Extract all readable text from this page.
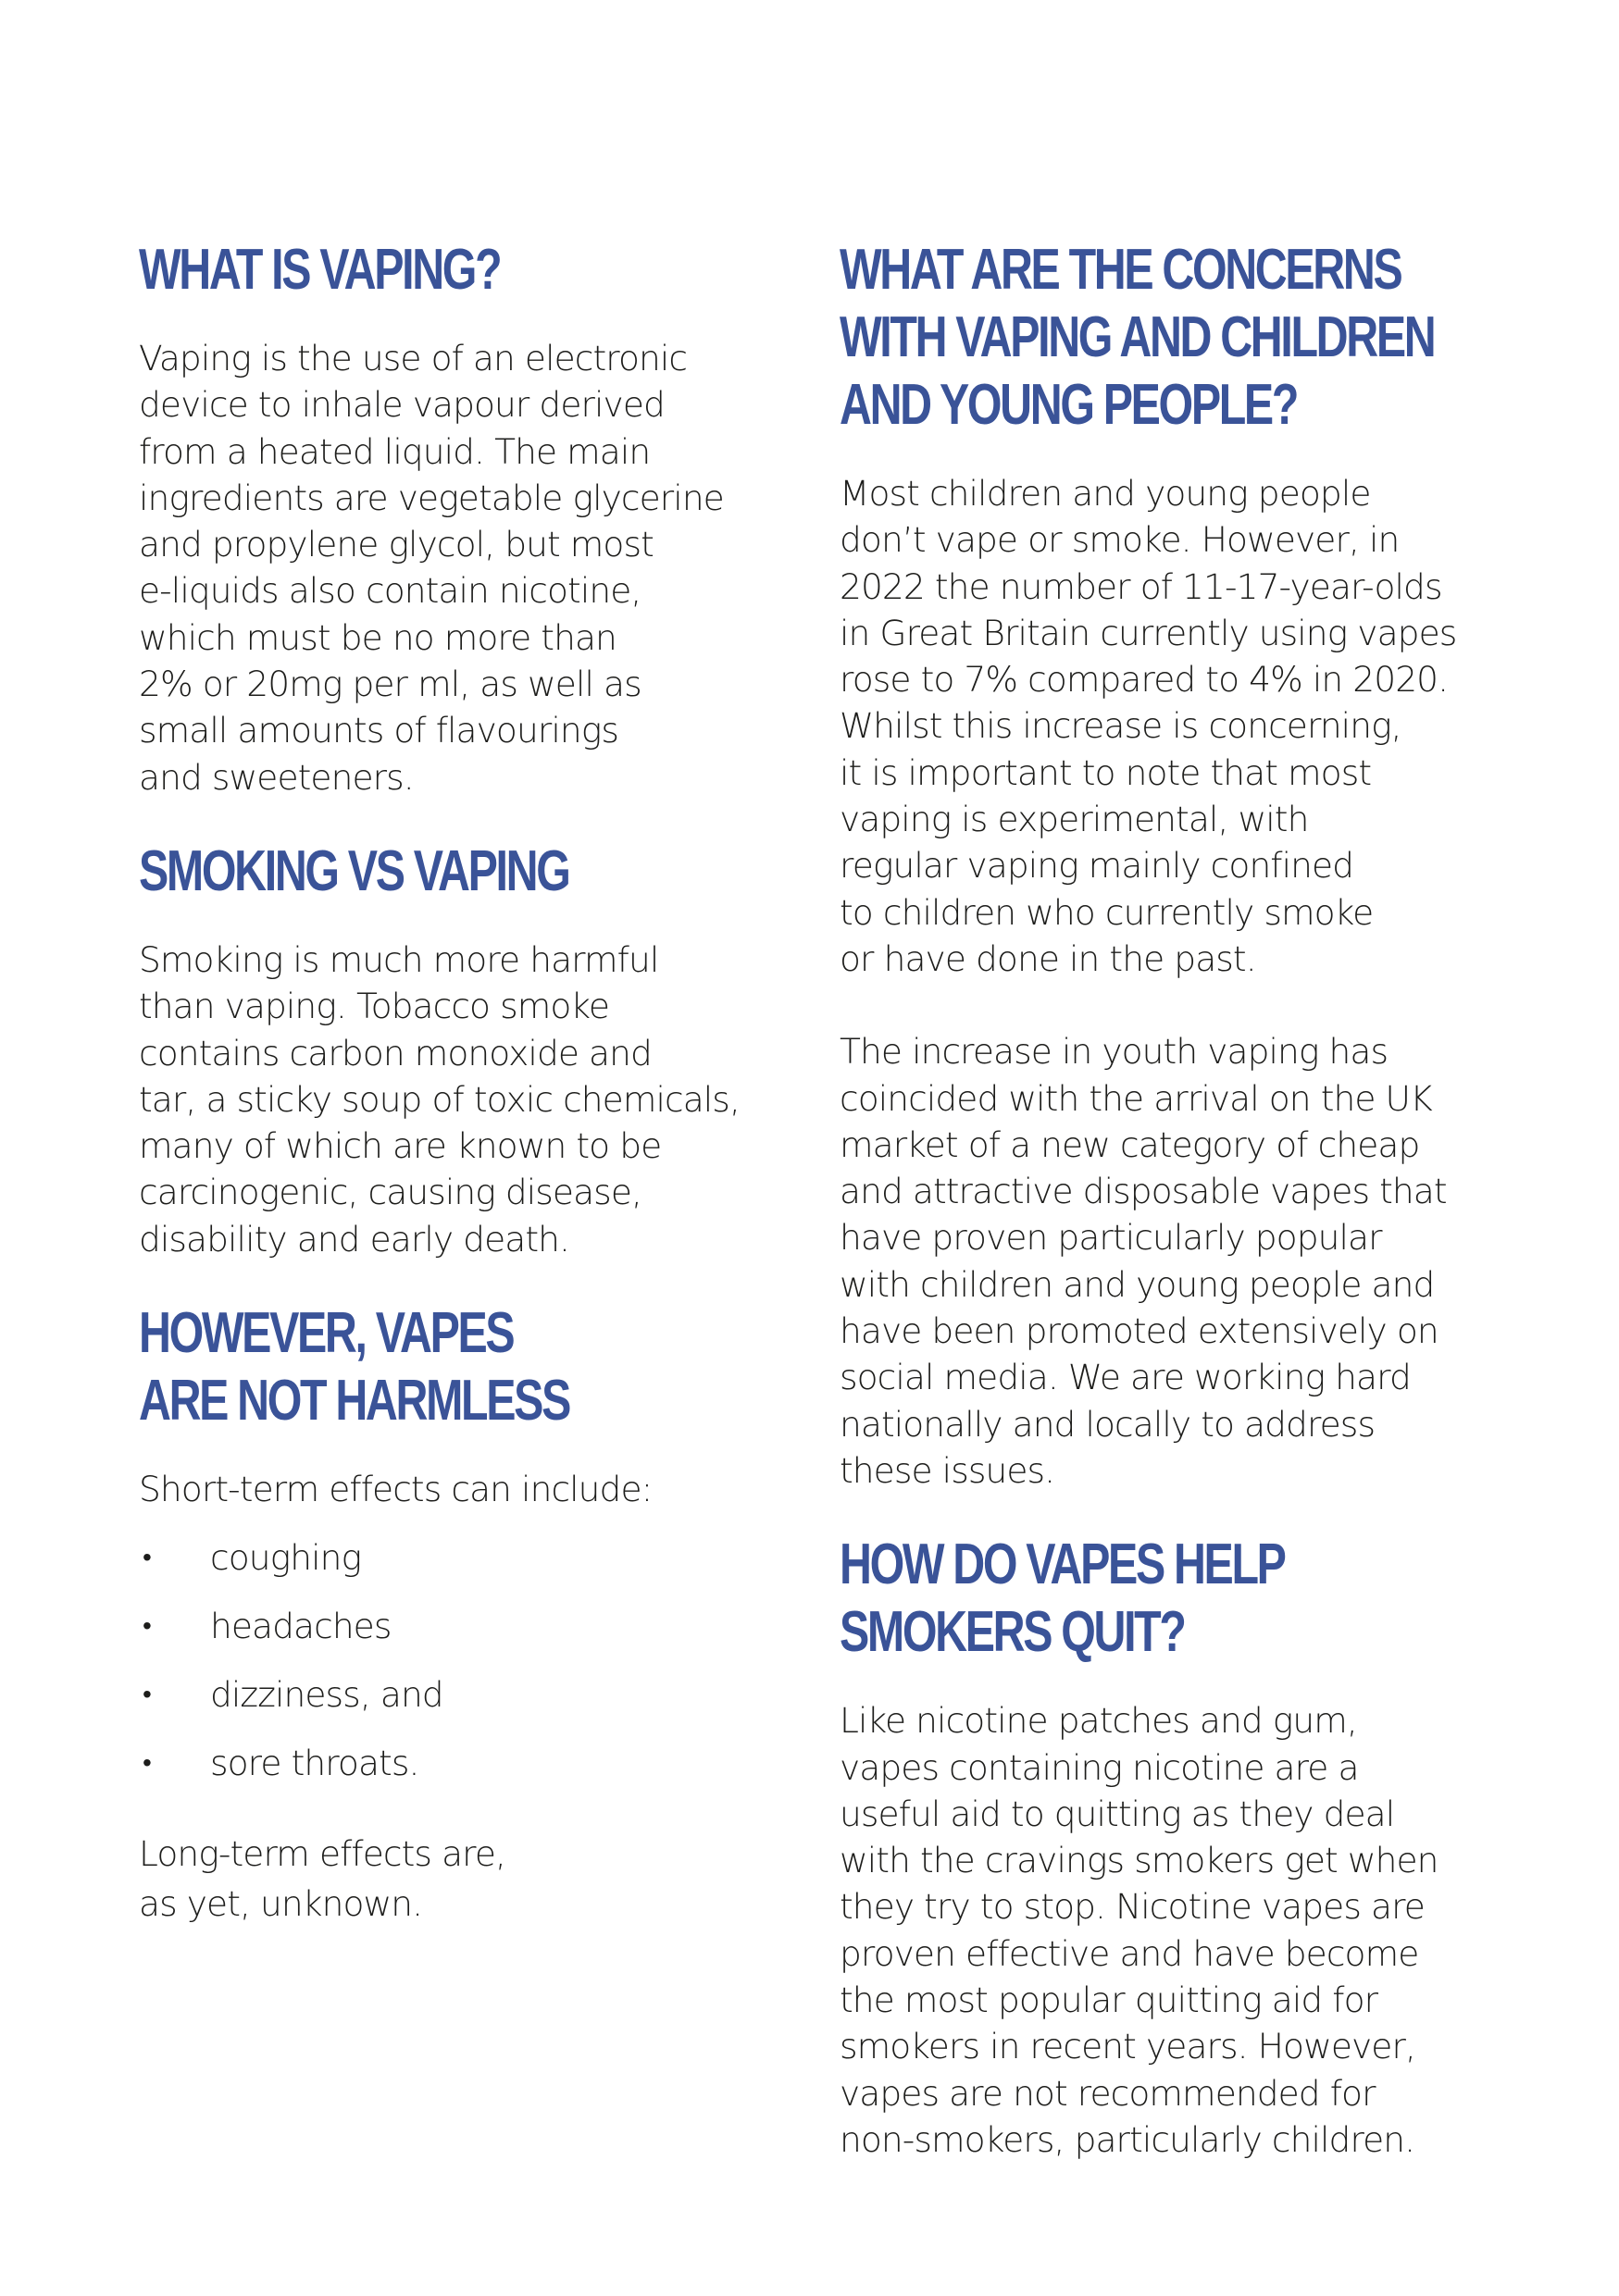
WHAT IS VAPING?

Vaping is the use of an electronic
device to inhale vapour derived
from a heated liquid. The main
ingredients are vegetable glycerine
and propylene glycol, but most
e-liquids also contain nicotine,
which must be no more than
2% or 20mg per ml, as well as
small amounts of flavourings
and sweeteners.

SMOKING VS VAPING

Smoking is much more harmful
than vaping. Tobacco smoke
contains carbon monoxide and
tar, a sticky soup of toxic chemicals,
many of which are known to be
carcinogenic, causing disease,
disability and early death.

HOWEVER, VAPES
ARE NOT HARMLESS

Short-term effects can include:

• coughing
• headaches
• dizziness, and
• sore throats.

Long-term effects are,
as yet, unknown.

WHAT ARE THE CONCERNS
WITH VAPING AND CHILDREN
AND YOUNG PEOPLE?

Most children and young people
don’t vape or smoke. However, in
2022 the number of 11-17-year-olds
in Great Britain currently using vapes
rose to 7% compared to 4% in 2020.
Whilst this increase is concerning,
it is important to note that most
vaping is experimental, with
regular vaping mainly confined
to children who currently smoke
or have done in the past.

The increase in youth vaping has
coincided with the arrival on the UK
market of a new category of cheap
and attractive disposable vapes that
have proven particularly popular
with children and young people and
have been promoted extensively on
social media. We are working hard
nationally and locally to address
these issues.

HOW DO VAPES HELP
SMOKERS QUIT?

Like nicotine patches and gum,
vapes containing nicotine are a
useful aid to quitting as they deal
with the cravings smokers get when
they try to stop. Nicotine vapes are
proven effective and have become
the most popular quitting aid for
smokers in recent years. However,
vapes are not recommended for
non-smokers, particularly children.
